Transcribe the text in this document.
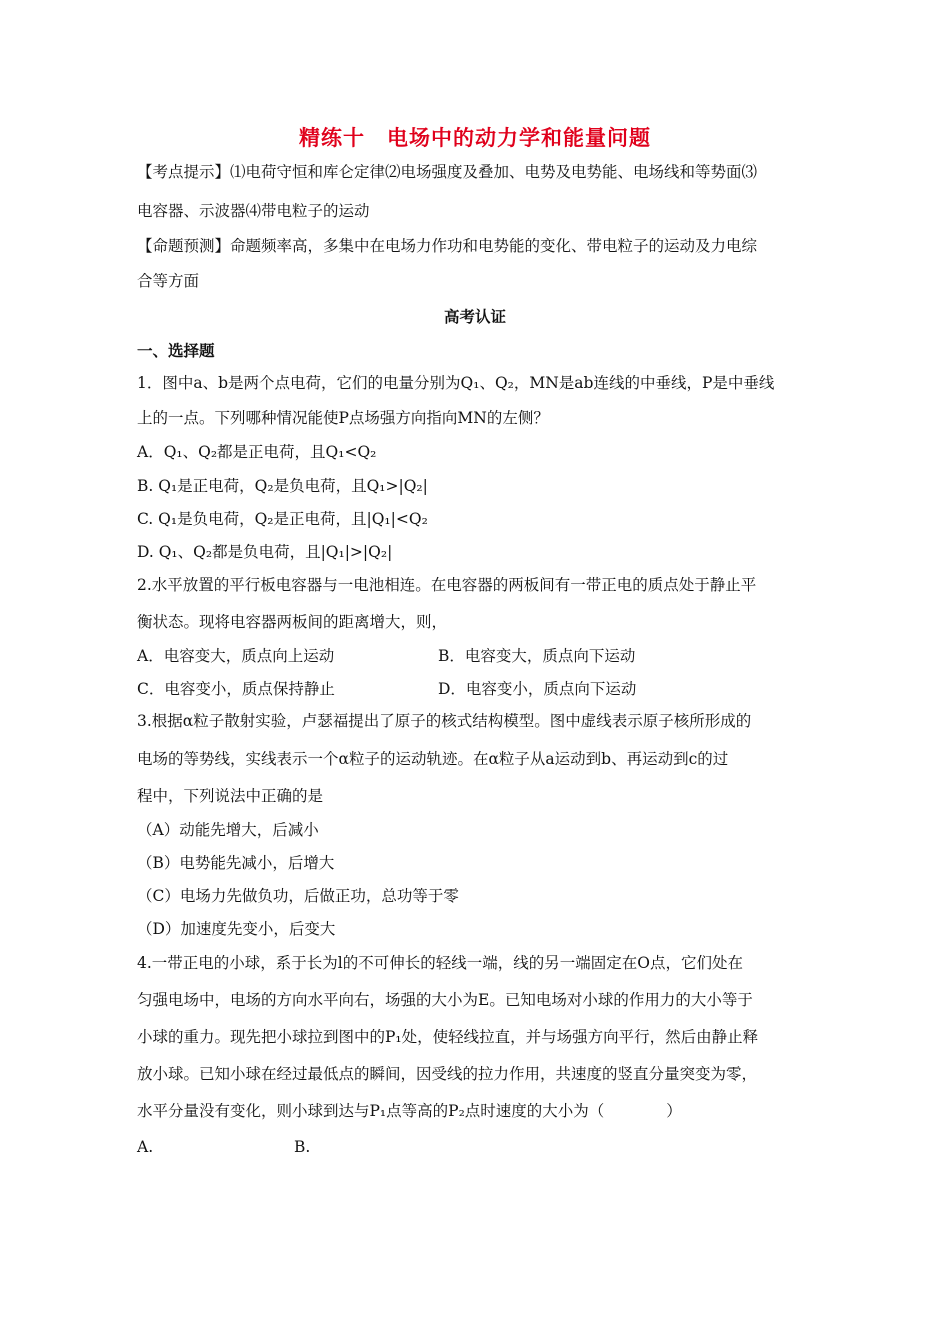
精练十 电场中的动力学和能量问题
【考点提示】⑴电荷守恒和库仑定律⑵电场强度及叠加、电势及电势能、电场线和等势面⑶
电容器、示波器⑷带电粒子的运动
【命题预测】命题频率高，多集中在电场力作功和电势能的变化、带电粒子的运动及力电综
合等方面
高考认证
一、选择题
1．图中a、b是两个点电荷，它们的电量分别为Q₁、Q₂，MN是ab连线的中垂线，P是中垂线
上的一点。下列哪种情况能使P点场强方向指向MN的左侧？
A．Q₁、Q₂都是正电荷，且Q₁<Q₂
B. Q₁是正电荷，Q₂是负电荷，且Q₁>|Q₂|
C. Q₁是负电荷，Q₂是正电荷，且|Q₁|<Q₂
D. Q₁、Q₂都是负电荷，且|Q₁|>|Q₂|
2.水平放置的平行板电容器与一电池相连。在电容器的两板间有一带正电的质点处于静止平
衡状态。现将电容器两板间的距离增大，则，
A．电容变大，质点向上运动	B．电容变大，质点向下运动
C．电容变小，质点保持静止	D．电容变小，质点向下运动
3.根据α粒子散射实验，卢瑟福提出了原子的核式结构模型。图中虚线表示原子核所形成的
电场的等势线，实线表示一个α粒子的运动轨迹。在α粒子从a运动到b、再运动到c的过
程中，下列说法中正确的是
（A）动能先增大，后减小
（B）电势能先减小，后增大
（C）电场力先做负功，后做正功，总功等于零
（D）加速度先变小，后变大
4.一带正电的小球，系于长为l的不可伸长的轻线一端，线的另一端固定在O点，它们处在
匀强电场中，电场的方向水平向右，场强的大小为E。已知电场对小球的作用力的大小等于
小球的重力。现先把小球拉到图中的P₁处，使轻线拉直，并与场强方向平行，然后由静止释
放小球。已知小球在经过最低点的瞬间，因受线的拉力作用，共速度的竖直分量突变为零，
水平分量没有变化，则小球到达与P₁点等高的P₂点时速度的大小为（　　　　）
A.	B.
